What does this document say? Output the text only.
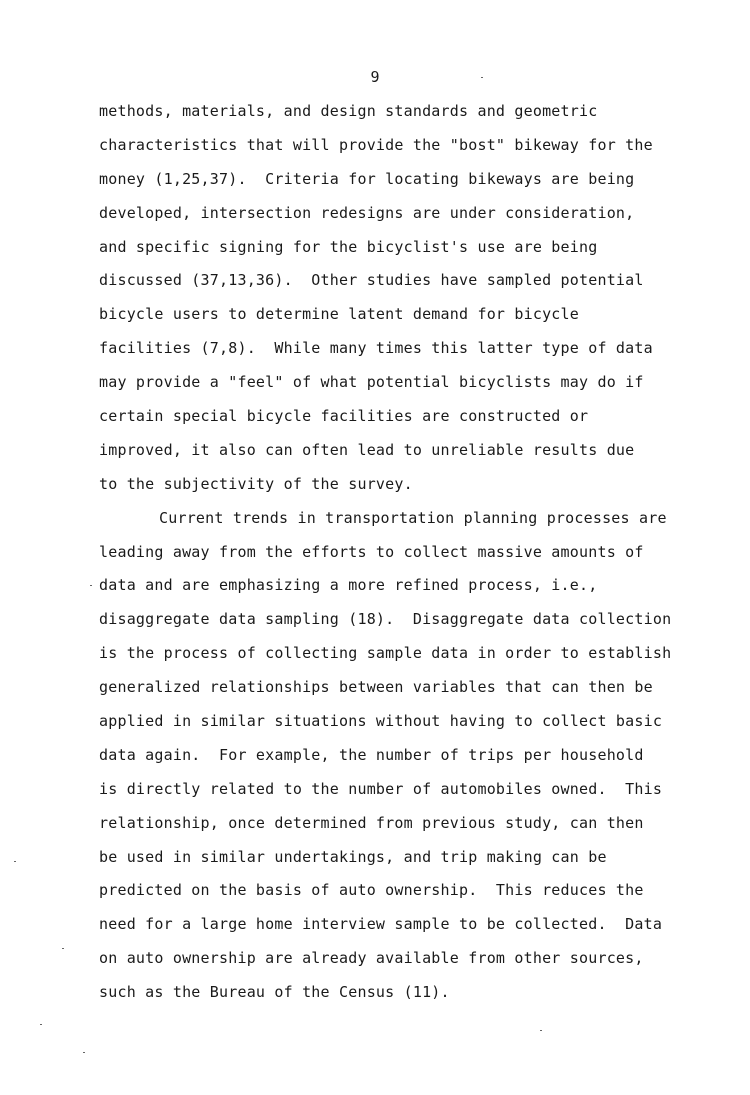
9
methods, materials, and design standards and geometric
characteristics that will provide the "bost" bikeway for the
money (1,25,37).  Criteria for locating bikeways are being
developed, intersection redesigns are under consideration,
and specific signing for the bicyclist's use are being
discussed (37,13,36).  Other studies have sampled potential
bicycle users to determine latent demand for bicycle
facilities (7,8).  While many times this latter type of data
may provide a "feel" of what potential bicyclists may do if
certain special bicycle facilities are constructed or
improved, it also can often lead to unreliable results due
to the subjectivity of the survey.
Current trends in transportation planning processes are
leading away from the efforts to collect massive amounts of
data and are emphasizing a more refined process, i.e.,
disaggregate data sampling (18).  Disaggregate data collection
is the process of collecting sample data in order to establish
generalized relationships between variables that can then be
applied in similar situations without having to collect basic
data again.  For example, the number of trips per household
is directly related to the number of automobiles owned.  This
relationship, once determined from previous study, can then
be used in similar undertakings, and trip making can be
predicted on the basis of auto ownership.  This reduces the
need for a large home interview sample to be collected.  Data
on auto ownership are already available from other sources,
such as the Bureau of the Census (11).
